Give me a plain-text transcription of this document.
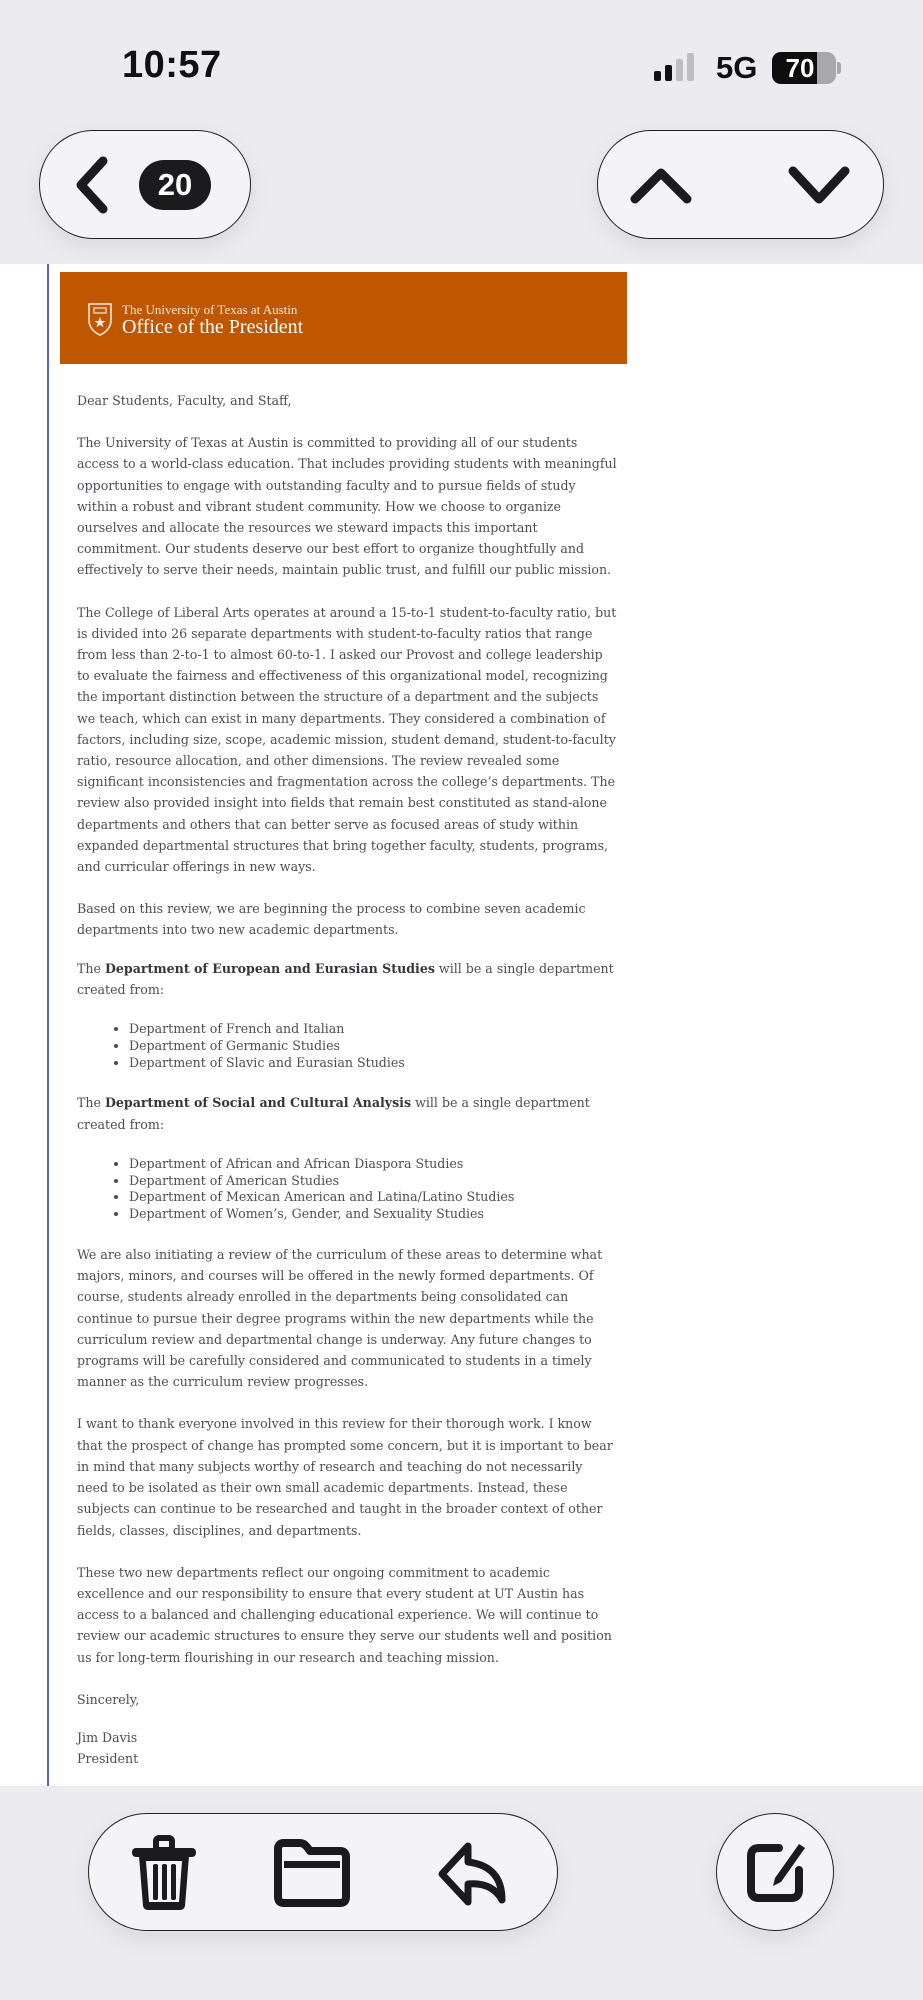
10:57	5G	70
20
The University of Texas at Austin
Office of the President

Dear Students, Faculty, and Staff,

The University of Texas at Austin is committed to providing all of our students access to a world-class education. That includes providing students with meaningful opportunities to engage with outstanding faculty and to pursue fields of study within a robust and vibrant student community. How we choose to organize ourselves and allocate the resources we steward impacts this important commitment. Our students deserve our best effort to organize thoughtfully and effectively to serve their needs, maintain public trust, and fulfill our public mission.

The College of Liberal Arts operates at around a 15-to-1 student-to-faculty ratio, but is divided into 26 separate departments with student-to-faculty ratios that range from less than 2-to-1 to almost 60-to-1. I asked our Provost and college leadership to evaluate the fairness and effectiveness of this organizational model, recognizing the important distinction between the structure of a department and the subjects we teach, which can exist in many departments. They considered a combination of factors, including size, scope, academic mission, student demand, student-to-faculty ratio, resource allocation, and other dimensions. The review revealed some significant inconsistencies and fragmentation across the college’s departments. The review also provided insight into fields that remain best constituted as stand-alone departments and others that can better serve as focused areas of study within expanded departmental structures that bring together faculty, students, programs, and curricular offerings in new ways.

Based on this review, we are beginning the process to combine seven academic departments into two new academic departments.

The Department of European and Eurasian Studies will be a single department created from:

• Department of French and Italian
• Department of Germanic Studies
• Department of Slavic and Eurasian Studies

The Department of Social and Cultural Analysis will be a single department created from:

• Department of African and African Diaspora Studies
• Department of American Studies
• Department of Mexican American and Latina/Latino Studies
• Department of Women’s, Gender, and Sexuality Studies

We are also initiating a review of the curriculum of these areas to determine what majors, minors, and courses will be offered in the newly formed departments. Of course, students already enrolled in the departments being consolidated can continue to pursue their degree programs within the new departments while the curriculum review and departmental change is underway. Any future changes to programs will be carefully considered and communicated to students in a timely manner as the curriculum review progresses.

I want to thank everyone involved in this review for their thorough work. I know that the prospect of change has prompted some concern, but it is important to bear in mind that many subjects worthy of research and teaching do not necessarily need to be isolated as their own small academic departments. Instead, these subjects can continue to be researched and taught in the broader context of other fields, classes, disciplines, and departments.

These two new departments reflect our ongoing commitment to academic excellence and our responsibility to ensure that every student at UT Austin has access to a balanced and challenging educational experience. We will continue to review our academic structures to ensure they serve our students well and position us for long-term flourishing in our research and teaching mission.

Sincerely,

Jim Davis

President
